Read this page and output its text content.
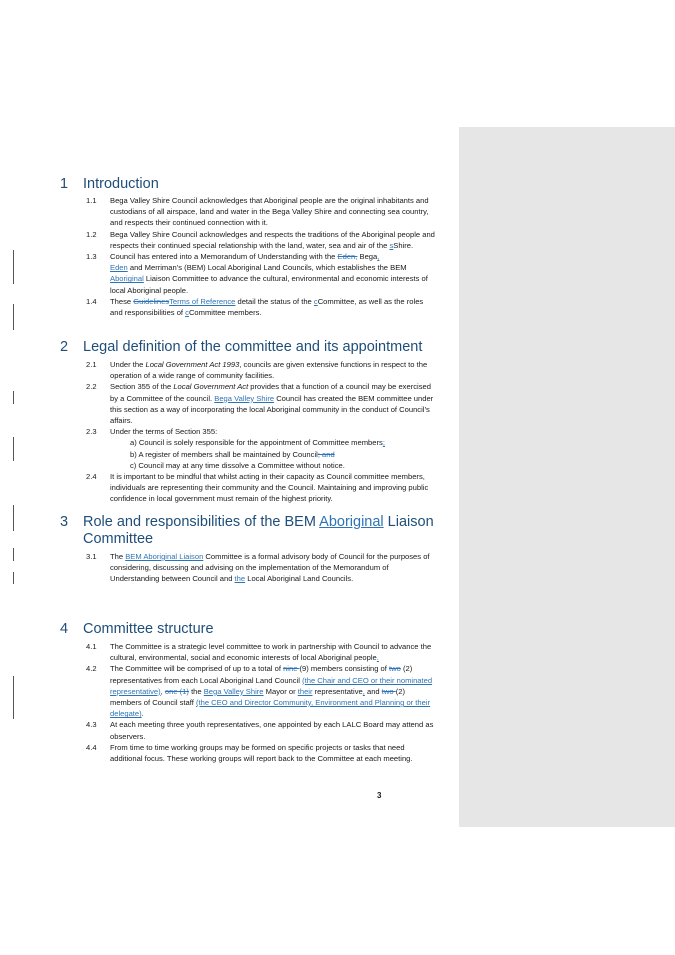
1 Introduction
1.1 Bega Valley Shire Council acknowledges that Aboriginal people are the original inhabitants and custodians of all airspace, land and water in the Bega Valley Shire and connecting sea country, and respects their continued connection with it.
1.2 Bega Valley Shire Council acknowledges and respects the traditions of the Aboriginal people and respects their continued special relationship with the land, water, sea and air of the sShire.
1.3 Council has entered into a Memorandum of Understanding with the Eden, Bega,
Eden and Merriman’s (BEM) Local Aboriginal Land Councils, which establishes the BEM Aboriginal Liaison Committee to advance the cultural, environmental and economic interests of local Aboriginal people.
1.4 These GuidelinesTerms of Reference detail the status of the cCommittee, as well as the roles and responsibilities of cCommittee members.
2 Legal definition of the committee and its appointment
2.1 Under the Local Government Act 1993, councils are given extensive functions in respect to the operation of a wide range of community facilities.
2.2 Section 355 of the Local Government Act provides that a function of a council may be exercised by a Committee of the council. Bega Valley Shire Council has created the BEM committee under this section as a way of incorporating the local Aboriginal community in the conduct of Council’s affairs.
2.3 Under the terms of Section 355:
a) Council is solely responsible for the appointment of Committee members;
b) A register of members shall be maintained by Council; and
c) Council may at any time dissolve a Committee without notice.
2.4 It is important to be mindful that whilst acting in their capacity as Council committee members, individuals are representing their community and the Council. Maintaining and improving public confidence in local government must remain of the highest priority.
3 Role and responsibilities of the BEM Aboriginal Liaison Committee
3.1 The BEM Aboriginal Liaison Committee is a formal advisory body of Council for the purposes of considering, discussing and advising on the implementation of the Memorandum of Understanding between Council and the Local Aboriginal Land Councils.
4 Committee structure
4.1 The Committee is a strategic level committee to work in partnership with Council to advance the cultural, environmental, social and economic interests of local Aboriginal people.
4.2 The Committee will be comprised of up to a total of nine (9) members consisting of two (2) representatives from each Local Aboriginal Land Council (the Chair and CEO or their nominated representative), one (1) the Bega Valley Shire Mayor or their representative, and two (2) members of Council staff (the CEO and Director Community, Environment and Planning or their delegate).
4.3 At each meeting three youth representatives, one appointed by each LALC Board may attend as observers.
4.4 From time to time working groups may be formed on specific projects or tasks that need additional focus. These working groups will report back to the Committee at each meeting.
3
